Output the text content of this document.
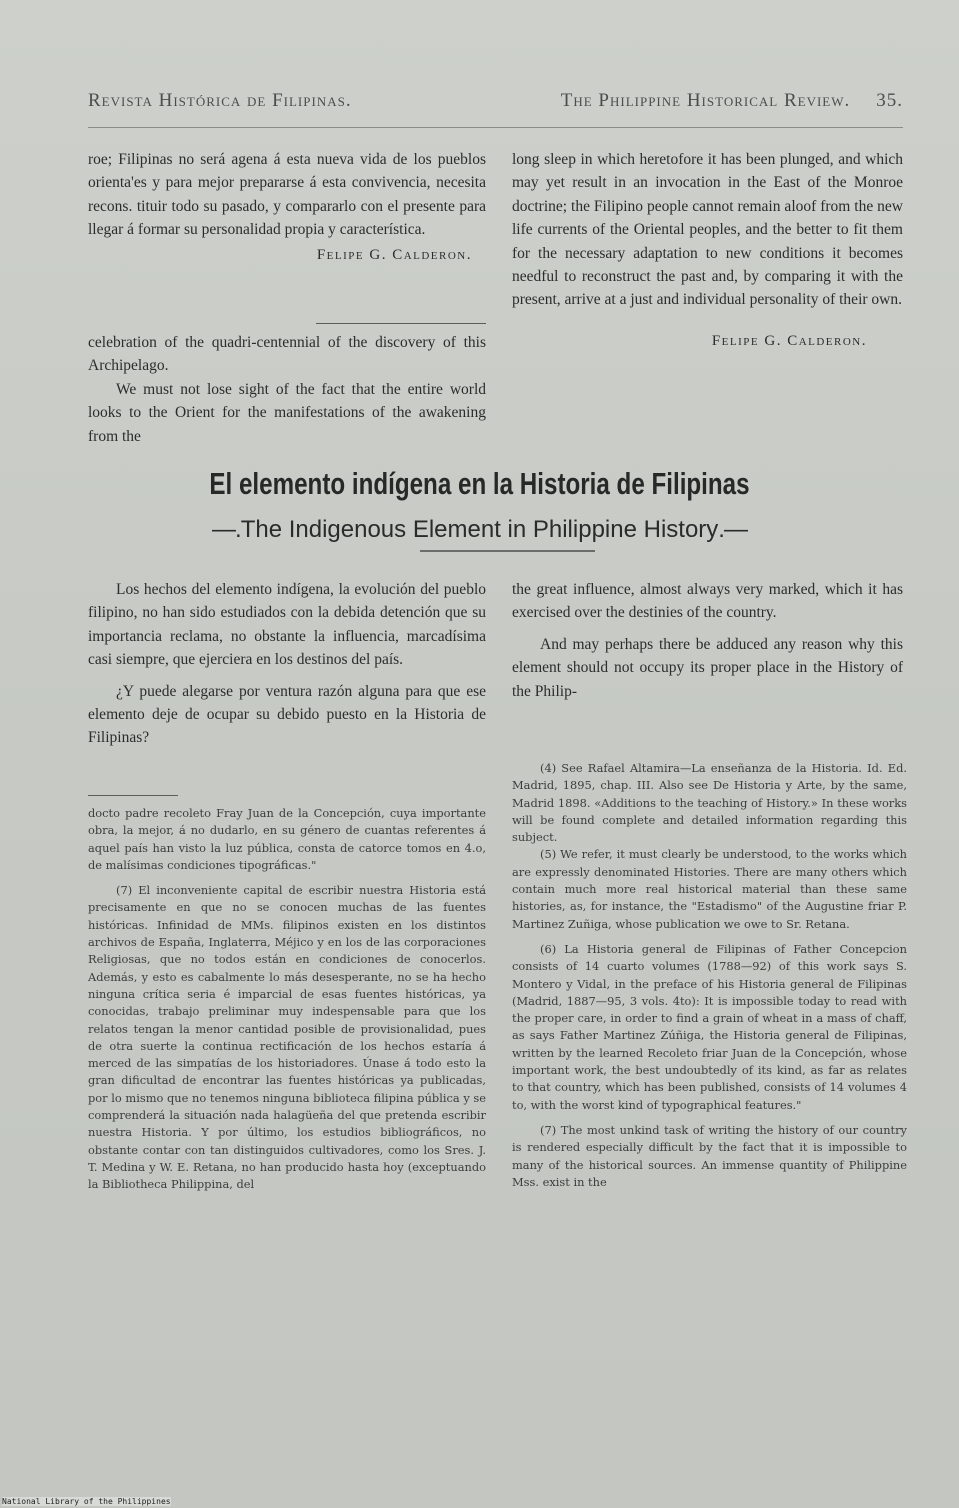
Revista Histórica de Filipinas.	The Philippine Historical Review. 35.

roe; Filipinas no será agena á esta nueva vida de los pueblos orienta'es y para mejor prepararse á esta convivencia, necesita recons. tituir todo su pasado, y compararlo con el presente para llegar á formar su personalidad propia y característica.

Felipe G. Calderon.

celebration of the quadri-centennial of the discovery of this Archipelago.

We must not lose sight of the fact that the entire world looks to the Orient for the manifestations of the awakening from the

long sleep in which heretofore it has been plunged, and which may yet result in an invocation in the East of the Monroe doctrine; the Filipino people cannot remain aloof from the new life currents of the Oriental peoples, and the better to fit them for the necessary adaptation to new conditions it becomes needful to reconstruct the past and, by comparing it with the present, arrive at a just and individual personality of their own.

Felipe G. Calderon.
El elemento indígena en la Historia de Filipinas
—.The Indigenous Element in Philippine History.—

Los hechos del elemento indígena, la evolución del pueblo filipino, no han sido estudiados con la debida detención que su importancia reclama, no obstante la influencia, marcadísima casi siempre, que ejerciera en los destinos del país.

¿Y puede alegarse por ventura razón alguna para que ese elemento deje de ocupar su debido puesto en la Historia de Filipinas?

the great influence, almost always very marked, which it has exercised over the destinies of the country.

And may perhaps there be adduced any reason why this element should not occupy its proper place in the History of the Philip-

docto padre recoleto Fray Juan de la Concepción, cuya importante obra, la mejor, á no dudarlo, en su género de cuantas referentes á aquel país han visto la luz pública, consta de catorce tomos en 4.o, de malísimas condiciones tipográficas."

(7) El inconveniente capital de escribir nuestra Historia está precisamente en que no se conocen muchas de las fuentes históricas. Infinidad de MMs. filipinos existen en los distintos archivos de España, Inglaterra, Méjico y en los de las corporaciones Religiosas, que no todos están en condiciones de conocerlos. Además, y esto es cabalmente lo más desesperante, no se ha hecho ninguna crítica seria é imparcial de esas fuentes históricas, ya conocidas, trabajo preliminar muy indespensable para que los relatos tengan la menor cantidad posible de provisionalidad, pues de otra suerte la continua rectificación de los hechos estaría á merced de las simpatías de los historiadores. Únase á todo esto la gran dificultad de encontrar las fuentes históricas ya publicadas, por lo mismo que no tenemos ninguna biblioteca filipina pública y se comprenderá la situación nada halagüeña del que pretenda escribir nuestra Historia. Y por último, los estudios bibliográficos, no obstante contar con tan distinguidos cultivadores, como los Sres. J. T. Medina y W. E. Retana, no han producido hasta hoy (exceptuando la Bibliotheca Philippina, del

(4) See Rafael Altamira—La enseñanza de la Historia. Id. Ed. Madrid, 1895, chap. III. Also see De Historia y Arte, by the same, Madrid 1898. «Additions to the teaching of History.» In these works will be found complete and detailed information regarding this subject.

(5) We refer, it must clearly be understood, to the works which are expressly denominated Histories. There are many others which contain much more real historical material than these same histories, as, for instance, the "Estadismo" of the Augustine friar P. Martinez Zuñiga, whose publication we owe to Sr. Retana.

(6) La Historia general de Filipinas of Father Concepcion consists of 14 cuarto volumes (1788—92) of this work says S. Montero y Vidal, in the preface of his Historia general de Filipinas (Madrid, 1887—95, 3 vols. 4to): It is impossible today to read with the proper care, in order to find a grain of wheat in a mass of chaff, as says Father Martinez Zúñiga, the Historia general de Filipinas, written by the learned Recoleto friar Juan de la Concepción, whose important work, the best undoubtedly of its kind, as far as relates to that country, which has been published, consists of 14 volumes 4 to, with the worst kind of typographical features."

(7) The most unkind task of writing the history of our country is rendered especially difficult by the fact that it is impossible to many of the historical sources. An immense quantity of Philippine Mss. exist in the

National Library of the Philippines
